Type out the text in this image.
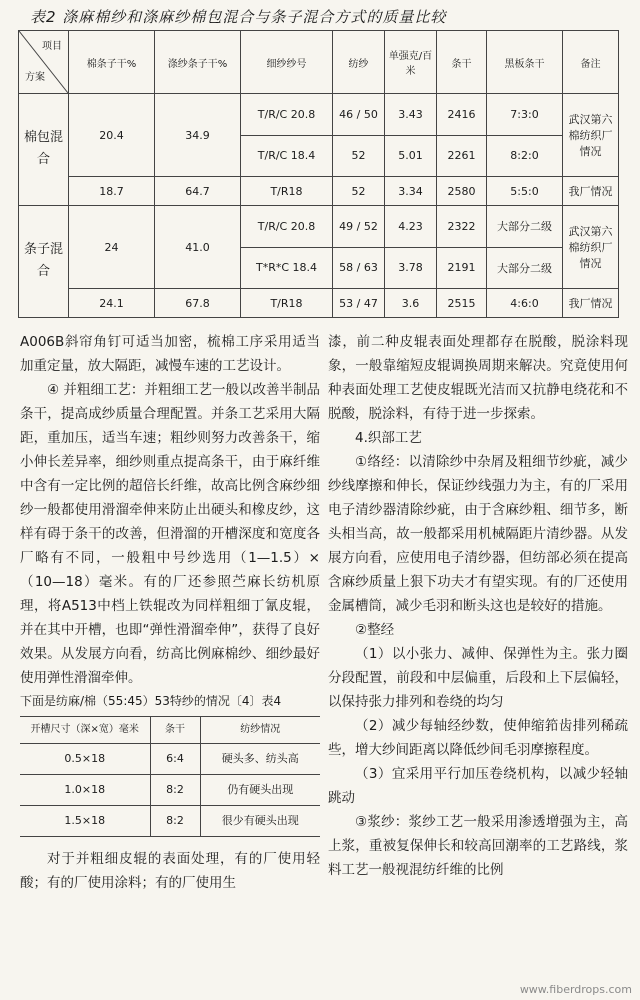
表2 涤麻棉纱和涤麻纱棉包混合与条子混合方式的质量比较
项目
方案	棉条子干%	涤纱条子干%	细纱纱号	纺纱	单强克/百米	条干	黑板条干	备注
棉包混合	20.4	34.9	T/R/C 20.8	46 / 50	3.43	2416	7:3:0	武汉第六棉纺织厂情况
			T/R/C 18.4	52	5.01	2261	8:2:0	
	18.7	64.7	T/R18	52	3.34	2580	5:5:0	我厂情况
条子混合	24	41.0	T/R/C 20.8	49 / 52	4.23	2322	大部分二级	武汉第六棉纺织厂情况
			T*R*C 18.4	58 / 63	3.78	2191	大部分二级	
	24.1	67.8	T/R18	53 / 47	3.6	2515	4:6:0	我厂情况

A006B斜帘角钉可适当加密，梳棉工序采用适当加重定量，放大隔距，减慢车速的工艺设计。

④ 并粗细工艺：并粗细工艺一般以改善半制品条干，提高成纱质量合理配置。并条工艺采用大隔距，重加压，适当车速；粗纱则努力改善条干，缩小伸长差异率，细纱则重点提高条干，由于麻纤维中含有一定比例的超倍长纤维，故高比例含麻纱细纱一般都使用滑溜牵伸来防止出硬头和橡皮纱，这样有碍于条干的改善，但滑溜的开槽深度和宽度各厂略有不同，一般粗中号纱选用（1—1.5）×（10—18）毫米。有的厂还参照苎麻长纺机原理，将A513中档上铁辊改为同样粗细丁氰皮辊，并在其中开槽，也即“弹性滑溜牵伸”，获得了良好效果。从发展方向看，纺高比例麻棉纱、细纱最好使用弹性滑溜牵伸。

下面是纺麻/棉（55:45）53特纱的情况〔4〕表4

开槽尺寸（深×宽）毫米	条干	纺纱情况
0.5×18	6:4	硬头多、纺头高
1.0×18	8:2	仍有硬头出现
1.5×18	8:2	很少有硬头出现

对于并粗细皮辊的表面处理，有的厂使用轻酸；有的厂使用涂料；有的厂使用生

漆，前二种皮辊表面处理都存在脱酸，脱涂料现象，一般靠缩短皮辊调换周期来解决。究竟使用何种表面处理工艺使皮辊既光洁而又抗静电绕花和不脱酸，脱涂料，有待于进一步探索。

4.织部工艺

①络经：以清除纱中杂屑及粗细节纱疵，减少纱线摩擦和伸长，保证纱线强力为主，有的厂采用电子清纱器清除纱疵，由于含麻纱粗、细节多，断头相当高，故一般都采用机械隔距片清纱器。从发展方向看，应使用电子清纱器，但纺部必须在提高含麻纱质量上狠下功夫才有望实现。有的厂还使用金属槽筒，减少毛羽和断头这也是较好的措施。

②整经

（1）以小张力、减伸、保弹性为主。张力圈分段配置，前段和中层偏重，后段和上下层偏轻，以保持张力排列和卷绕的均匀

（2）减少每轴经纱数，使伸缩筘齿排列稀疏些，增大纱间距离以降低纱间毛羽摩擦程度。

（3）宜采用平行加压卷绕机构，以减少轻轴跳动

③浆纱：浆纱工艺一般采用渗透增强为主，高上浆，重被复保伸长和较高回潮率的工艺路线，浆料工艺一般视混纺纤维的比例

www.fiberdrops.com
